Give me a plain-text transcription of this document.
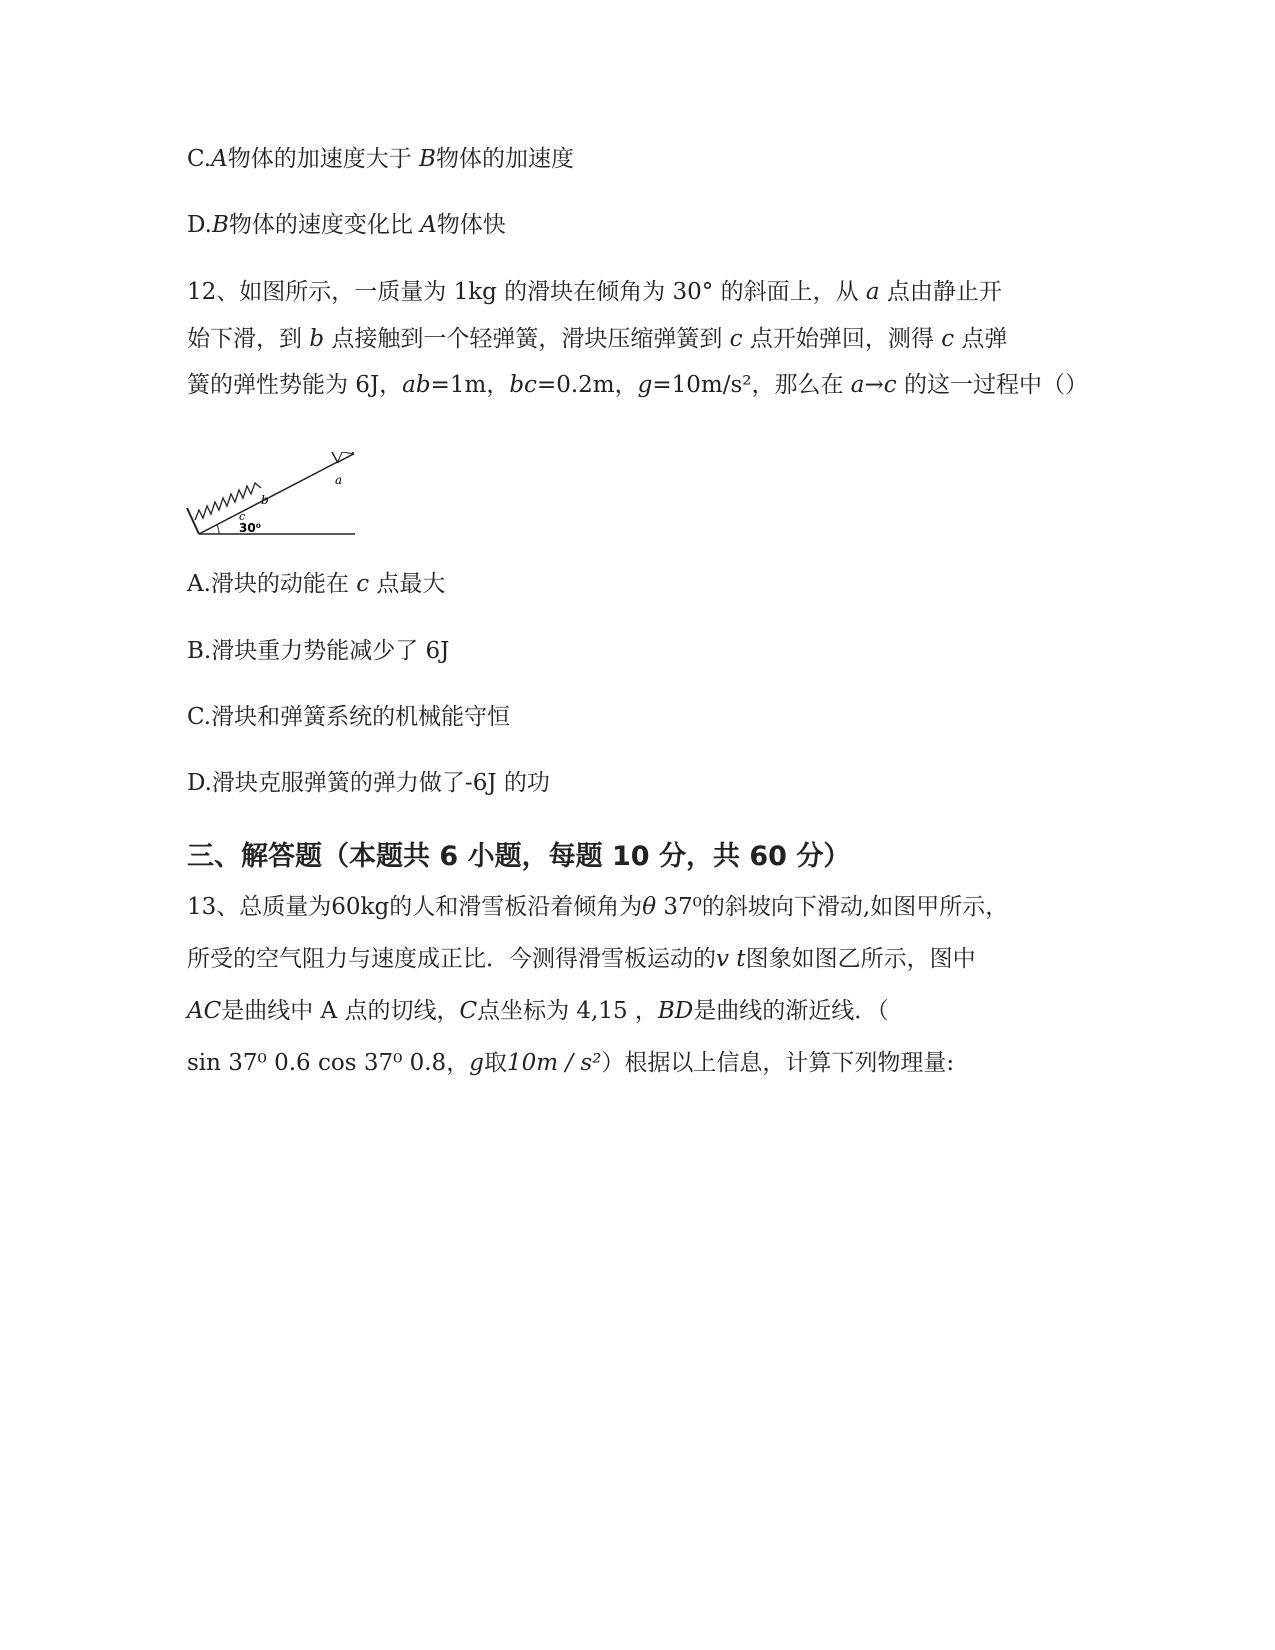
C.A物体的加速度大于 B物体的加速度
D.B物体的速度变化比 A物体快
12、如图所示，一质量为 1kg 的滑块在倾角为 30° 的斜面上，从 a 点由静止开
始下滑，到 b 点接触到一个轻弹簧，滑块压缩弹簧到 c 点开始弹回，测得 c 点弹
簧的弹性势能为 6J，ab=1m，bc=0.2m，g=10m/s²，那么在 a→c 的这一过程中（）
a
b
c
30⁰
A.滑块的动能在 c 点最大
B.滑块重力势能减少了 6J
C.滑块和弹簧系统的机械能守恒
D.滑块克服弹簧的弹力做了-6J 的功
三、解答题（本题共 6 小题，每题 10 分，共 60 分）
13、总质量为60kg的人和滑雪板沿着倾角为θ 37⁰的斜坡向下滑动,如图甲所示，
所受的空气阻力与速度成正比．今测得滑雪板运动的v t图象如图乙所示，图中
AC是曲线中 A 点的切线，C点坐标为 4,15 ，BD是曲线的渐近线．（
sin 37⁰ 0.6 cos 37⁰ 0.8，g取10m / s²）根据以上信息，计算下列物理量:
